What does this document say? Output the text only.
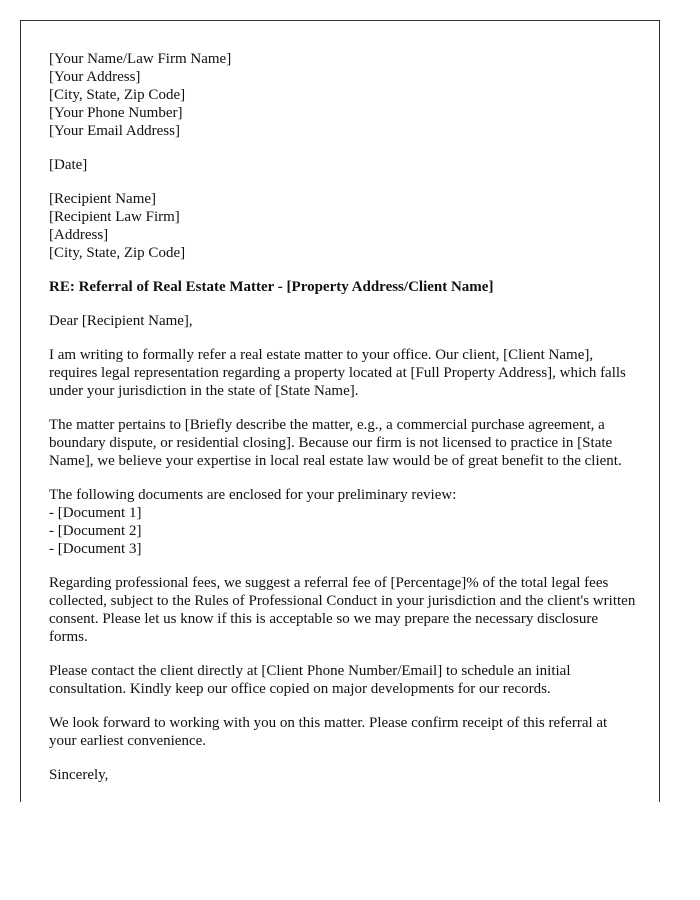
[Your Name/Law Firm Name]
[Your Address]
[City, State, Zip Code]
[Your Phone Number]
[Your Email Address]

[Date]

[Recipient Name]
[Recipient Law Firm]
[Address]
[City, State, Zip Code]

RE: Referral of Real Estate Matter - [Property Address/Client Name]

Dear [Recipient Name],

I am writing to formally refer a real estate matter to your office. Our client, [Client Name], requires legal representation regarding a property located at [Full Property Address], which falls under your jurisdiction in the state of [State Name].

The matter pertains to [Briefly describe the matter, e.g., a commercial purchase agreement, a boundary dispute, or residential closing]. Because our firm is not licensed to practice in [State Name], we believe your expertise in local real estate law would be of great benefit to the client.

The following documents are enclosed for your preliminary review:
- [Document 1]
- [Document 2]
- [Document 3]

Regarding professional fees, we suggest a referral fee of [Percentage]% of the total legal fees collected, subject to the Rules of Professional Conduct in your jurisdiction and the client's written consent. Please let us know if this is acceptable so we may prepare the necessary disclosure forms.

Please contact the client directly at [Client Phone Number/Email] to schedule an initial consultation. Kindly keep our office copied on major developments for our records.

We look forward to working with you on this matter. Please confirm receipt of this referral at your earliest convenience.

Sincerely,
